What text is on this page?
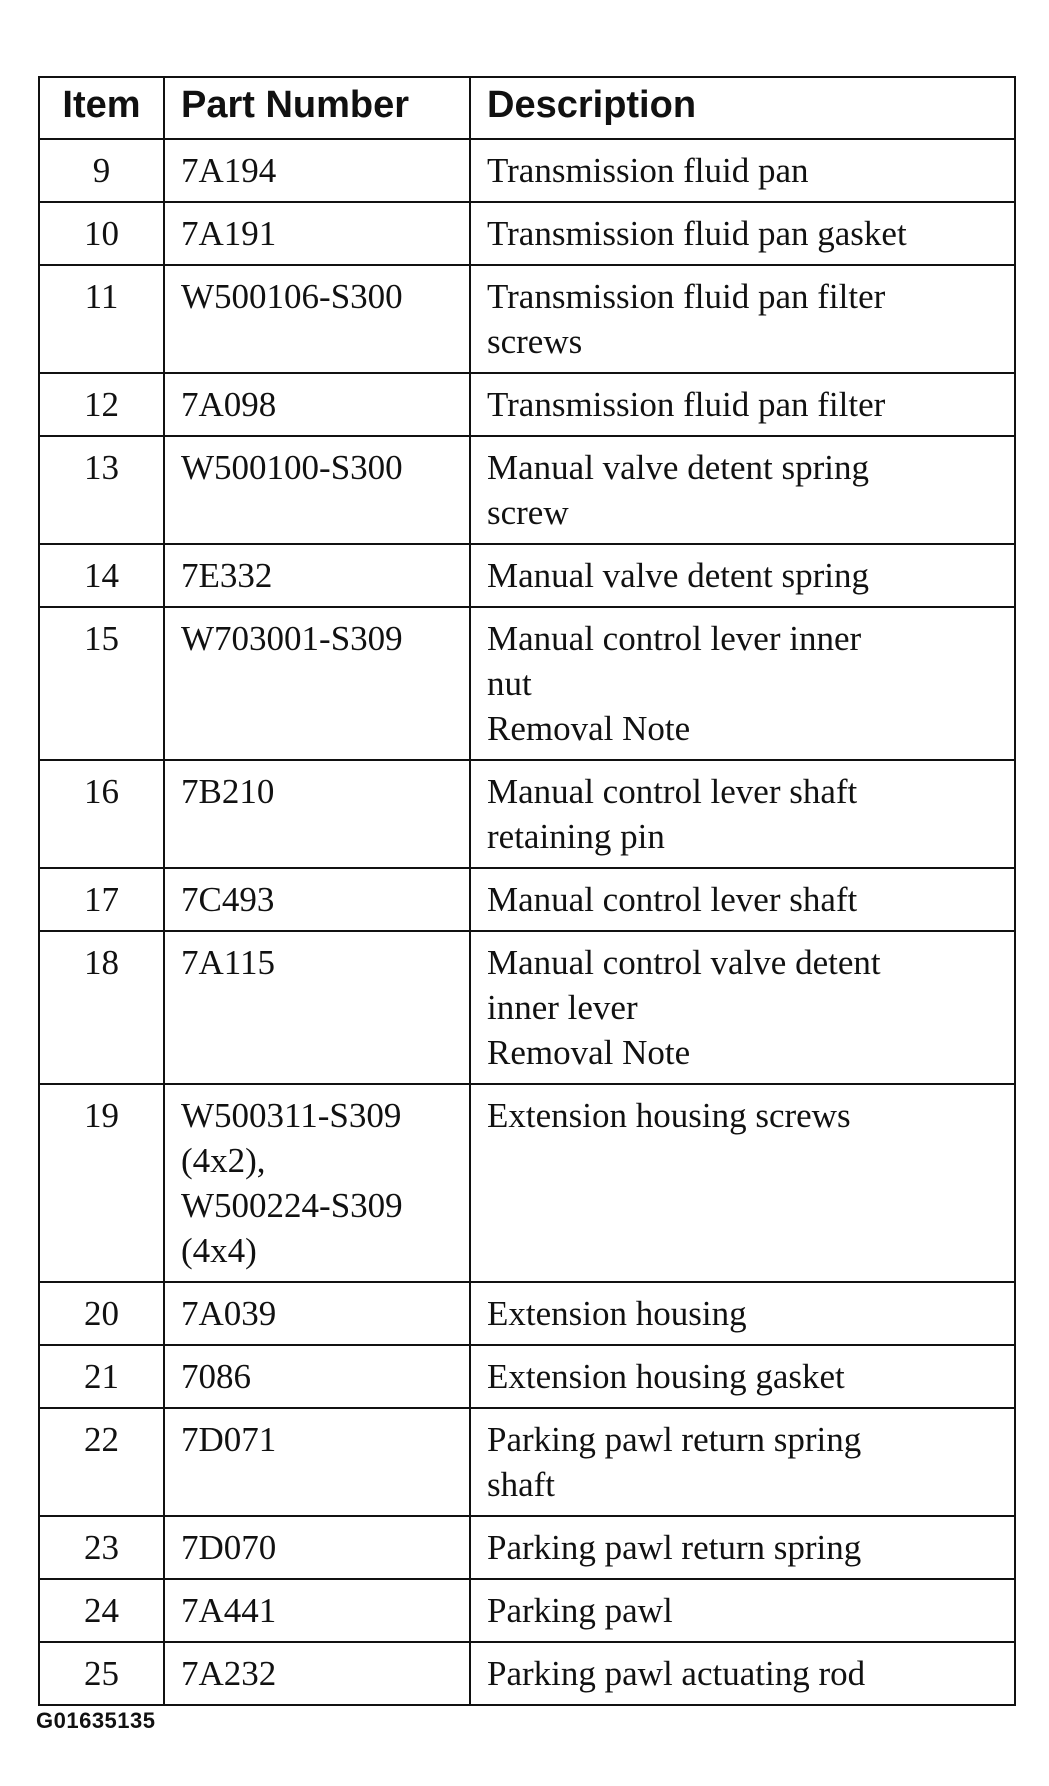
Item	Part Number	Description
9	7A194	Transmission fluid pan

10	7A191	Transmission fluid pan gasket

11	W500106-S300	Transmission fluid pan filter
screws

12	7A098	Transmission fluid pan filter

13	W500100-S300	Manual valve detent spring
screw

14	7E332	Manual valve detent spring

15	W703001-S309	Manual control lever inner
nut
Removal Note

16	7B210	Manual control lever shaft
retaining pin

17	7C493	Manual control lever shaft

18	7A115	Manual control valve detent
inner lever
Removal Note

19	W500311-S309
(4x2),
W500224-S309
(4x4)	Extension housing screws

20	7A039	Extension housing

21	7086	Extension housing gasket

22	7D071	Parking pawl return spring
shaft

23	7D070	Parking pawl return spring

24	7A441	Parking pawl

25	7A232	Parking pawl actuating rod
G01635135
